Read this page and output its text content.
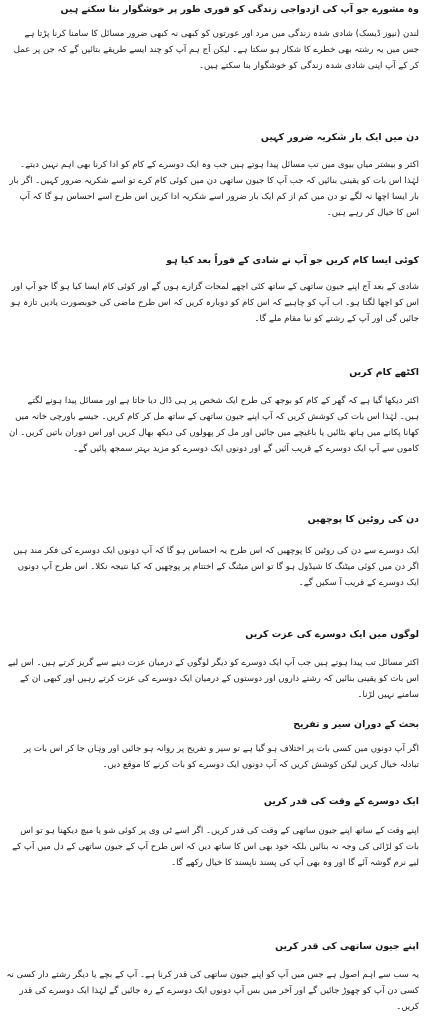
وہ مشورے جو آپ کی ازدواجی زندگی کو فوری طور پر خوشگوار بنا سکتے ہیں
لندن (نیوز ڈیسک) شادی شدہ زندگی میں مرد اور عورتوں کو کبھی نہ کبھی ضرور مسائل کا سامنا کرنا پڑتا ہے جس میں یہ رشتہ بھی خطرے کا شکار ہو سکتا ہے۔ لیکن آج ہم آپ کو چند ایسے طریقے بتائیں گے کہ جن پر عمل کر کے آپ اپنی شادی شدہ زندگی کو خوشگوار بنا سکتے ہیں۔
دن میں ایک بار شکریہ ضرور کہیں
اکثر و بیشتر میاں بیوی میں تب مسائل پیدا ہوتے ہیں جب وہ ایک دوسرے کے کام کو ادا کرنا بھی اہم نہیں دیتے۔ لہٰذا اس بات کو یقینی بنائیں کہ جب آپ کا جیون ساتھی دن میں کوئی کام کرے تو اسے شکریہ ضرور کہیں۔ اگر بار بار ایسا اچھا نہ لگے تو دن میں کم از کم ایک بار ضرور اسے شکریہ ادا کریں اس طرح اسے احساس ہو گا کہ آپ اس کا خیال کر رہے ہیں۔
کوئی ایسا کام کریں جو آپ نے شادی کے فوراً بعد کیا ہو
شادی کے بعد آج اپنے جیون ساتھی کے ساتھ کئی اچھے لمحات گزارے ہوں گے اور کوئی کام ایسا کیا ہو گا جو آپ اور اس کو اچھا لگتا ہو۔ اب آپ کو چاہیے کہ اس کام کو دوبارہ کریں کہ اس طرح ماضی کی خوبصورت یادیں تازہ ہو جائیں گی اور آپ کے رشتے کو نیا مقام ملے گا۔
اکٹھے کام کریں
اکثر دیکھا گیا ہے کہ گھر کے کام کو بوجھ کی طرح ایک شخص پر ہی ڈال دیا جاتا ہے اور مسائل پیدا ہونے لگتے ہیں۔ لہٰذا اس بات کی کوشش کریں کہ آپ اپنے جیون ساتھی کے ساتھ مل کر کام کریں۔ جیسے باورچی خانہ میں کھانا پکانے میں ہاتھ بٹائیں یا باغیچے میں جائیں اور مل کر پھولوں کی دیکھ بھال کریں اور اس دوران باتیں کریں۔ ان کاموں سے آپ ایک دوسرے کے قریب آئیں گے اور دونوں ایک دوسرے کو مزید بہتر سمجھ پائیں گے۔
دن کی روٹین کا پوچھیں
ایک دوسرے سے دن کی روٹین کا پوچھیں کہ اس طرح یہ احساس ہو گا کہ آپ دونوں ایک دوسرے کی فکر مند ہیں اگر دن میں کوئی میٹنگ کا شیڈول ہو گا تو اس میٹنگ کے اختتام پر پوچھیں کہ کیا نتیجہ نکلا۔ اس طرح آپ دونوں ایک دوسرے کے قریب آ سکیں گے۔
لوگوں میں ایک دوسرے کی عزت کریں
اکثر مسائل تب پیدا ہوتے ہیں جب آپ ایک دوسرے کو دیگر لوگوں کے درمیان عزت دینے سے گریز کرتے ہیں۔ اس لیے اس بات کو یقینی بنائیں کہ رشتے داروں اور دوستوں کے درمیان ایک دوسرے کی عزت کرتے رہیں اور کبھی ان کے سامنے نہیں لڑنا۔
بحث کے دوران سیر و تفریح
اگر آپ دونوں میں کسی بات پر اختلاف ہو گیا ہے تو سیر و تفریح پر روانہ ہو جائیں اور وہاں جا کر اس بات پر تبادلہ خیال کریں لیکن کوشش کریں کہ آپ دونوں ایک دوسرے کو بات کرنے کا موقع دیں۔
ایک دوسرے کے وقت کی قدر کریں
اپنے وقت کے ساتھ اپنے جیون ساتھی کے وقت کی قدر کریں۔ اگر اسے ٹی وی پر کوئی شو یا میچ دیکھنا ہو تو اس بات کو لڑائی کی وجہ نہ بنائیں بلکہ خود بھی اس کا ساتھ دیں کہ اس طرح آپ کے جیون ساتھی کے دل میں آپ کے لیے نرم گوشہ آئے گا اور وہ بھی آپ کی پسند ناپسند کا خیال رکھے گا۔
اپنے جیون ساتھی کی قدر کریں
یہ سب سے اہم اصول ہے جس میں آپ کو اپنے جیون ساتھی کی قدر کرنا ہے۔ آپ کے بچے یا دیگر رشتے دار کسی نہ کسی دن آپ کو چھوڑ جائیں گے اور آخر میں بس آپ دونوں ایک دوسرے کے رہ جائیں گے لہٰذا ایک دوسرے کی قدر کریں۔
